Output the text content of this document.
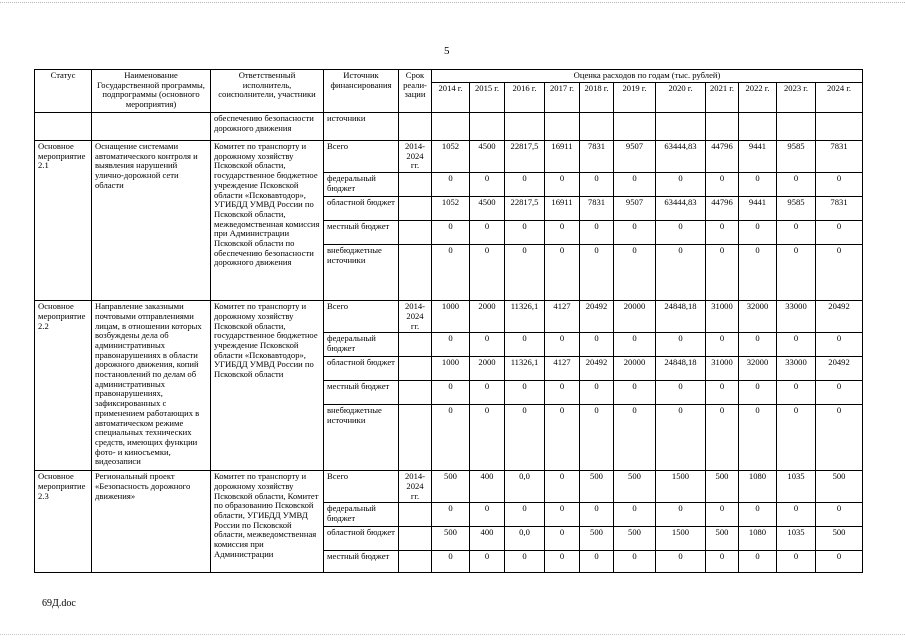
5
Статус	Наименование Государственной программы, подпрограммы (основного мероприятия)	Ответственный исполнитель, соисполнители, участники	Источник финансирования	Срок реали-зации	Оценка расходов по годам (тыс. рублей)										
					2014 г.	2015 г.	2016 г.	2017 г.	2018 г.	2019 г.	2020 г.	2021 г.	2022 г.	2023 г.	2024 г.
		обеспечению безопасности дорожного движения	источники												
Основное мероприятие 2.1	Оснащение системами автоматического контроля и выявления нарушений улично-дорожной сети области	Комитет по транспорту и дорожному хозяйству Псковской области, государственное бюджетное учреждение Псковской области «Псковавтодор», УГИБДД УМВД России по Псковской области, межведомственная комиссия при Администрации Псковской области по обеспечению безопасности дорожного движения	Всего	2014-2024 гг.	1052	4500	22817,5	16911	7831	9507	63444,83	44796	9441	9585	7831
			федеральный бюджет		0	0	0	0	0	0	0	0	0	0	0
			областной бюджет		1052	4500	22817,5	16911	7831	9507	63444,83	44796	9441	9585	7831
			местный бюджет		0	0	0	0	0	0	0	0	0	0	0
			внебюджетные источники		0	0	0	0	0	0	0	0	0	0	0
Основное мероприятие 2.2	Направление заказными почтовыми отправлениями лицам, в отношении которых возбуждены дела об административных правонарушениях в области дорожного движения, копий постановлений по делам об административных правонарушениях, зафиксированных с применением работающих в автоматическом режиме специальных технических средств, имеющих функции фото- и киносъемки, видеозаписи	Комитет по транспорту и дорожному хозяйству Псковской области, государственное бюджетное учреждение Псковской области «Псковавтодор», УГИБДД УМВД России по Псковской области	Всего	2014-2024 гг.	1000	2000	11326,1	4127	20492	20000	24848,18	31000	32000	33000	20492
			федеральный бюджет		0	0	0	0	0	0	0	0	0	0	0
			областной бюджет		1000	2000	11326,1	4127	20492	20000	24848,18	31000	32000	33000	20492
			местный бюджет		0	0	0	0	0	0	0	0	0	0	0
			внебюджетные источники		0	0	0	0	0	0	0	0	0	0	0
Основное мероприятие 2.3	Региональный проект «Безопасность дорожного движения»	Комитет по транспорту и дорожному хозяйству Псковской области, Комитет по образованию Псковской области, УГИБДД УМВД России по Псковской области, межведомственная комиссия при Администрации	Всего	2014-2024 гг.	500	400	0,0	0	500	500	1500	500	1080	1035	500
			федеральный бюджет		0	0	0	0	0	0	0	0	0	0	0
			областной бюджет		500	400	0,0	0	500	500	1500	500	1080	1035	500
			местный бюджет		0	0	0	0	0	0	0	0	0	0	0
69Д.doc
